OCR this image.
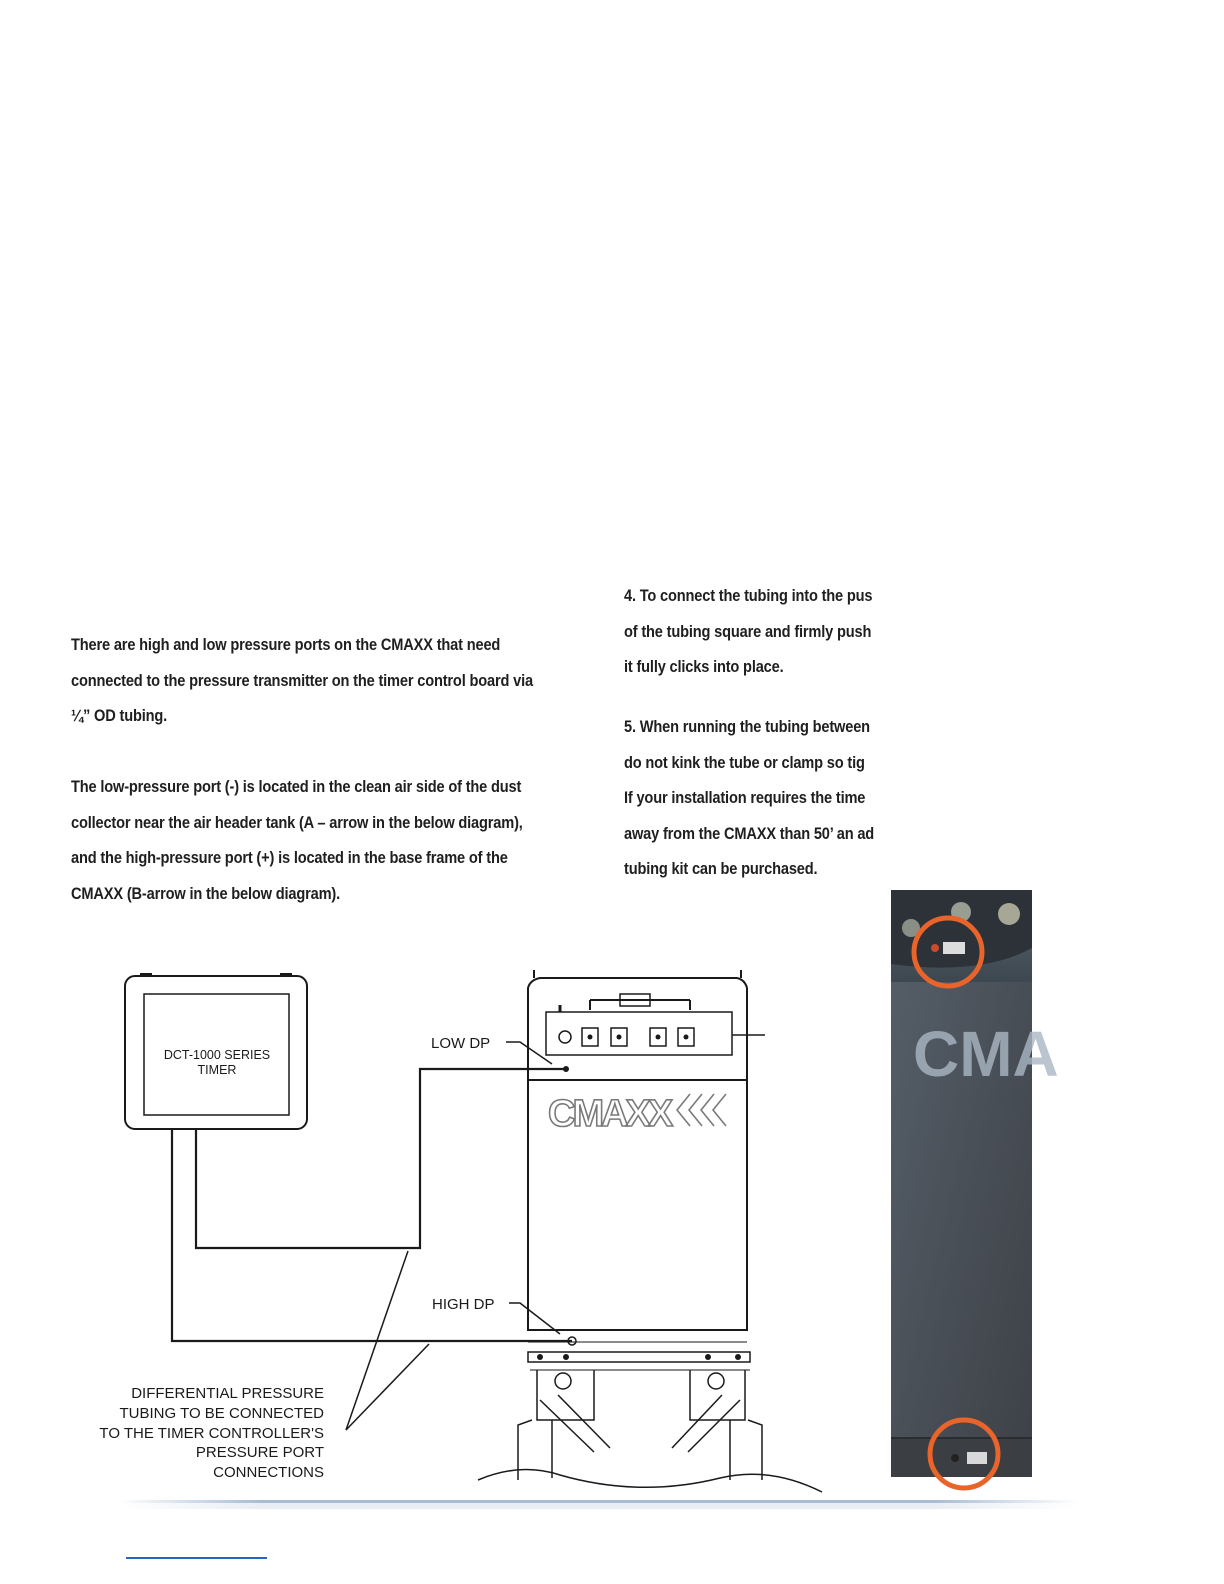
There are high and low pressure ports on the CMAXX that need
connected to the pressure transmitter on the timer control board via
¼” OD tubing.

The low-pressure port (-) is located in the clean air side of the dust
collector near the air header tank (A – arrow in the below diagram),
and the high-pressure port (+) is located in the base frame of the
CMAXX (B-arrow in the below diagram).

4. To connect the tubing into the pus
of the tubing square and firmly push
it fully clicks into place.

5. When running the tubing between
do not kink the tube or clamp so tig
If your installation requires the time
away from the CMAXX than 50’ an ad
tubing kit can be purchased.

DCT-1000 SERIES
TIMER
LOW DP
HIGH DP
CMAXX
DIFFERENTIAL PRESSURE
TUBING TO BE CONNECTED
TO THE TIMER CONTROLLER'S
PRESSURE PORT
CONNECTIONS
CMA
